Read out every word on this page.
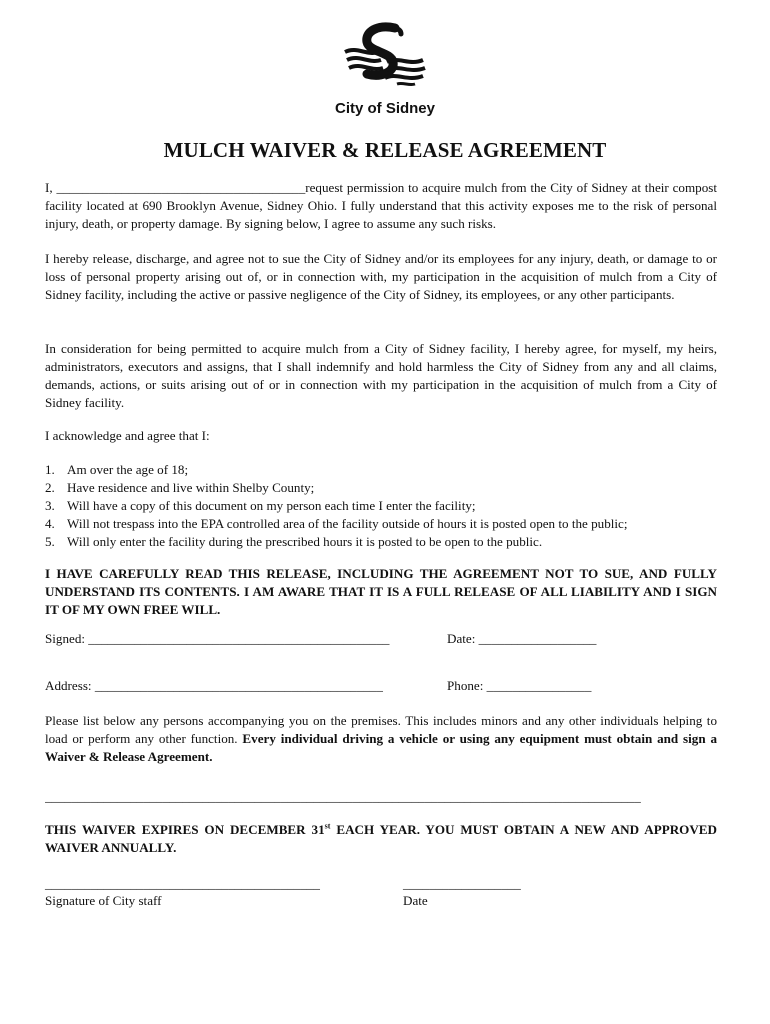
City of Sidney
MULCH WAIVER & RELEASE AGREEMENT
I, ______________________________________request permission to acquire mulch from the City of Sidney at their compost facility located at 690 Brooklyn Avenue, Sidney Ohio. I fully understand that this activity exposes me to the risk of personal injury, death, or property damage. By signing below, I agree to assume any such risks.
I hereby release, discharge, and agree not to sue the City of Sidney and/or its employees for any injury, death, or damage to or loss of personal property arising out of, or in connection with, my participation in the acquisition of mulch from a City of Sidney facility, including the active or passive negligence of the City of Sidney, its employees, or any other participants.
In consideration for being permitted to acquire mulch from a City of Sidney facility, I hereby agree, for myself, my heirs, administrators, executors and assigns, that I shall indemnify and hold harmless the City of Sidney from any and all claims, demands, actions, or suits arising out of or in connection with my participation in the acquisition of mulch from a City of Sidney facility.
I acknowledge and agree that I:
1. Am over the age of 18;
2. Have residence and live within Shelby County;
3. Will have a copy of this document on my person each time I enter the facility;
4. Will not trespass into the EPA controlled area of the facility outside of hours it is posted open to the public;
5. Will only enter the facility during the prescribed hours it is posted to be open to the public.
I HAVE CAREFULLY READ THIS RELEASE, INCLUDING THE AGREEMENT NOT TO SUE, AND FULLY UNDERSTAND ITS CONTENTS. I AM AWARE THAT IT IS A FULL RELEASE OF ALL LIABILITY AND I SIGN IT OF MY OWN FREE WILL.
Signed: ______________________________________________	Date: __________________
Address: ____________________________________________	Phone: ________________
Please list below any persons accompanying you on the premises. This includes minors and any other individuals helping to load or perform any other function. Every individual driving a vehicle or using any equipment must obtain and sign a Waiver & Release Agreement.
___________________________________________________________________________________________
THIS WAIVER EXPIRES ON DECEMBER 31st EACH YEAR. YOU MUST OBTAIN A NEW AND APPROVED WAIVER ANNUALLY.
__________________________________________	__________________
Signature of City staff	Date
